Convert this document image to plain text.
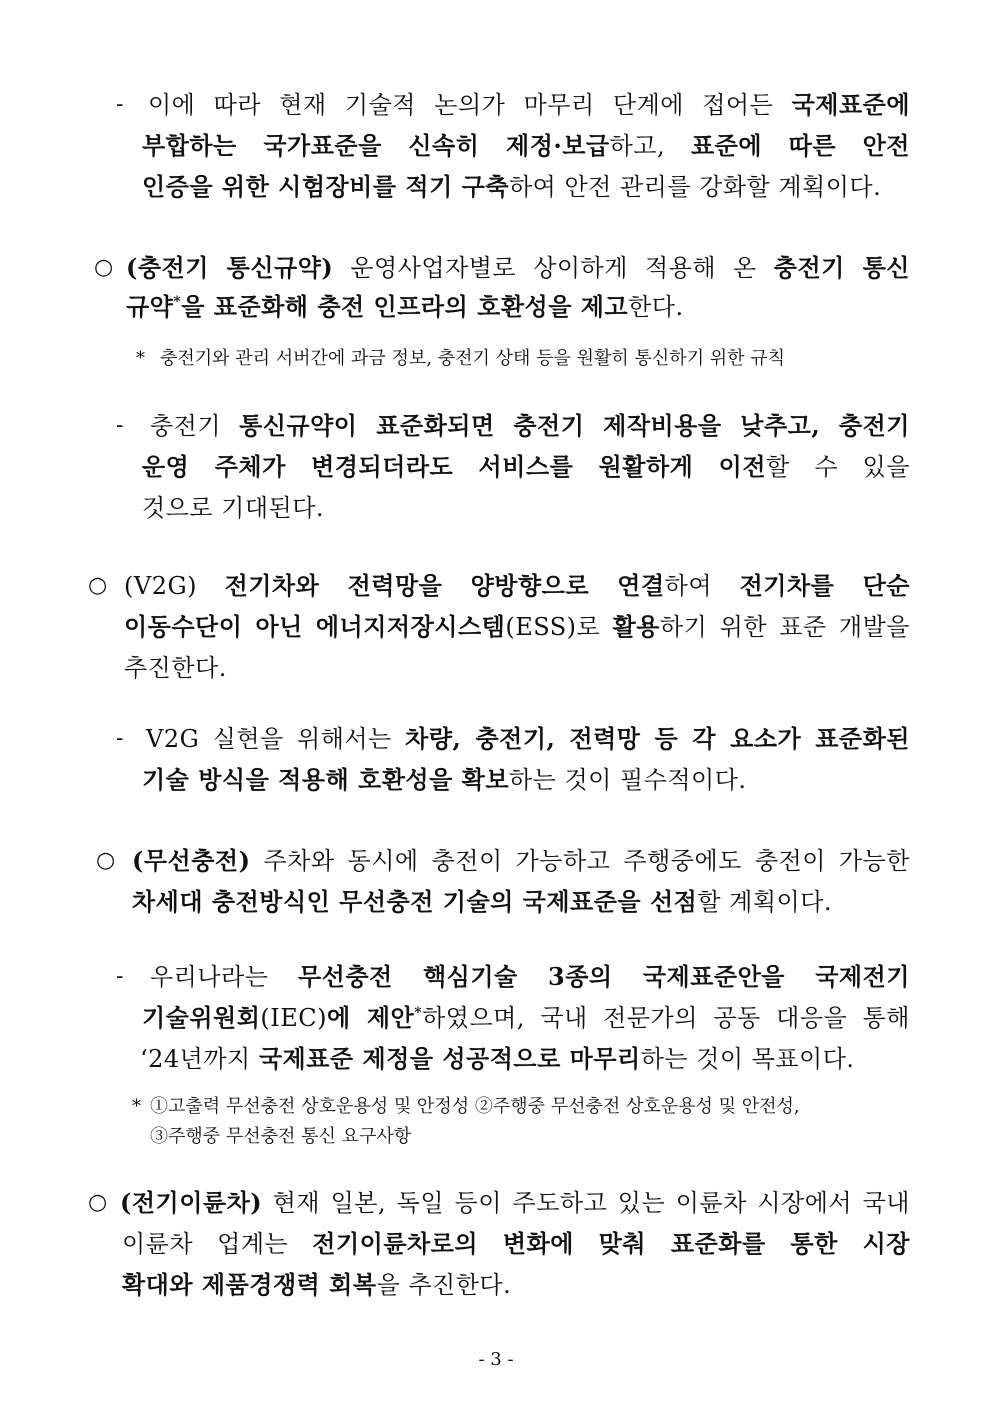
- 이에 따라 현재 기술적 논의가 마무리 단계에 접어든 국제표준에
부합하는 국가표준을 신속히 제정·보급하고, 표준에 따른 안전
인증을 위한 시험장비를 적기 구축하여 안전 관리를 강화할 계획이다.
○ (충전기 통신규약) 운영사업자별로 상이하게 적용해 온 충전기 통신
규약*을 표준화해 충전 인프라의 호환성을 제고한다.
* 충전기와 관리 서버간에 과금 정보, 충전기 상태 등을 원활히 통신하기 위한 규칙
- 충전기 통신규약이 표준화되면 충전기 제작비용을 낮추고, 충전기
운영 주체가 변경되더라도 서비스를 원활하게 이전할 수 있을
것으로 기대된다.
○ (V2G) 전기차와 전력망을 양방향으로 연결하여 전기차를 단순
이동수단이 아닌 에너지저장시스템(ESS)로 활용하기 위한 표준 개발을
추진한다.
- V2G 실현을 위해서는 차량, 충전기, 전력망 등 각 요소가 표준화된
기술 방식을 적용해 호환성을 확보하는 것이 필수적이다.
○ (무선충전) 주차와 동시에 충전이 가능하고 주행중에도 충전이 가능한
차세대 충전방식인 무선충전 기술의 국제표준을 선점할 계획이다.
- 우리나라는 무선충전 핵심기술 3종의 국제표준안을 국제전기
기술위원회(IEC)에 제안*하였으며, 국내 전문가의 공동 대응을 통해
‘24년까지 국제표준 제정을 성공적으로 마무리하는 것이 목표이다.
* ①고출력 무선충전 상호운용성 및 안정성 ②주행중 무선충전 상호운용성 및 안전성,
③주행중 무선충전 통신 요구사항
○ (전기이륜차) 현재 일본, 독일 등이 주도하고 있는 이륜차 시장에서 국내
이륜차 업계는 전기이륜차로의 변화에 맞춰 표준화를 통한 시장
확대와 제품경쟁력 회복을 추진한다.
- 3 -
